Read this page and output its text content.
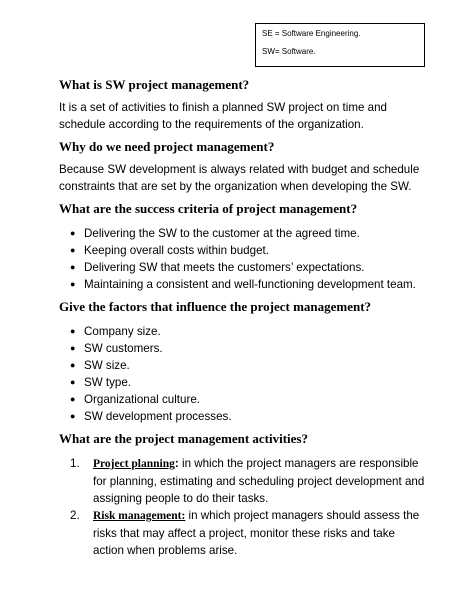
SE = Software Engineering.
SW= Software.
What is SW project management?

It is a set of activities to finish a planned SW project on time and schedule according to the requirements of the organization.

Why do we need project management?

Because SW development is always related with budget and schedule constraints that are set by the organization when developing the SW.

What are the success criteria of project management?
● Delivering the SW to the customer at the agreed time.
● Keeping overall costs within budget.
● Delivering SW that meets the customers’ expectations.
● Maintaining a consistent and well-functioning development team.
Give the factors that influence the project management?
● Company size.
● SW customers.
● SW size.
● SW type.
● Organizational culture.
● SW development processes.
What are the project management activities?
1. Project planning: in which the project managers are responsible for planning, estimating and scheduling project development and assigning people to do their tasks.
2. Risk management: in which project managers should assess the risks that may affect a project, monitor these risks and take action when problems arise.
